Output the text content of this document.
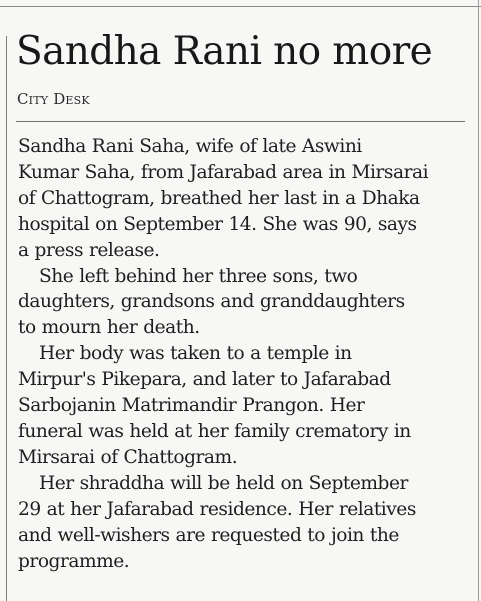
Sandha Rani no more
City Desk

Sandha Rani Saha, wife of late Aswini
Kumar Saha, from Jafarabad area in Mirsarai
of Chattogram, breathed her last in a Dhaka
hospital on September 14. She was 90, says
a press release.

She left behind her three sons, two
daughters, grandsons and granddaughters
to mourn her death.

Her body was taken to a temple in
Mirpur's Pikepara, and later to Jafarabad
Sarbojanin Matrimandir Prangon. Her
funeral was held at her family crematory in
Mirsarai of Chattogram.

Her shraddha will be held on September
29 at her Jafarabad residence. Her relatives
and well-wishers are requested to join the
programme.
